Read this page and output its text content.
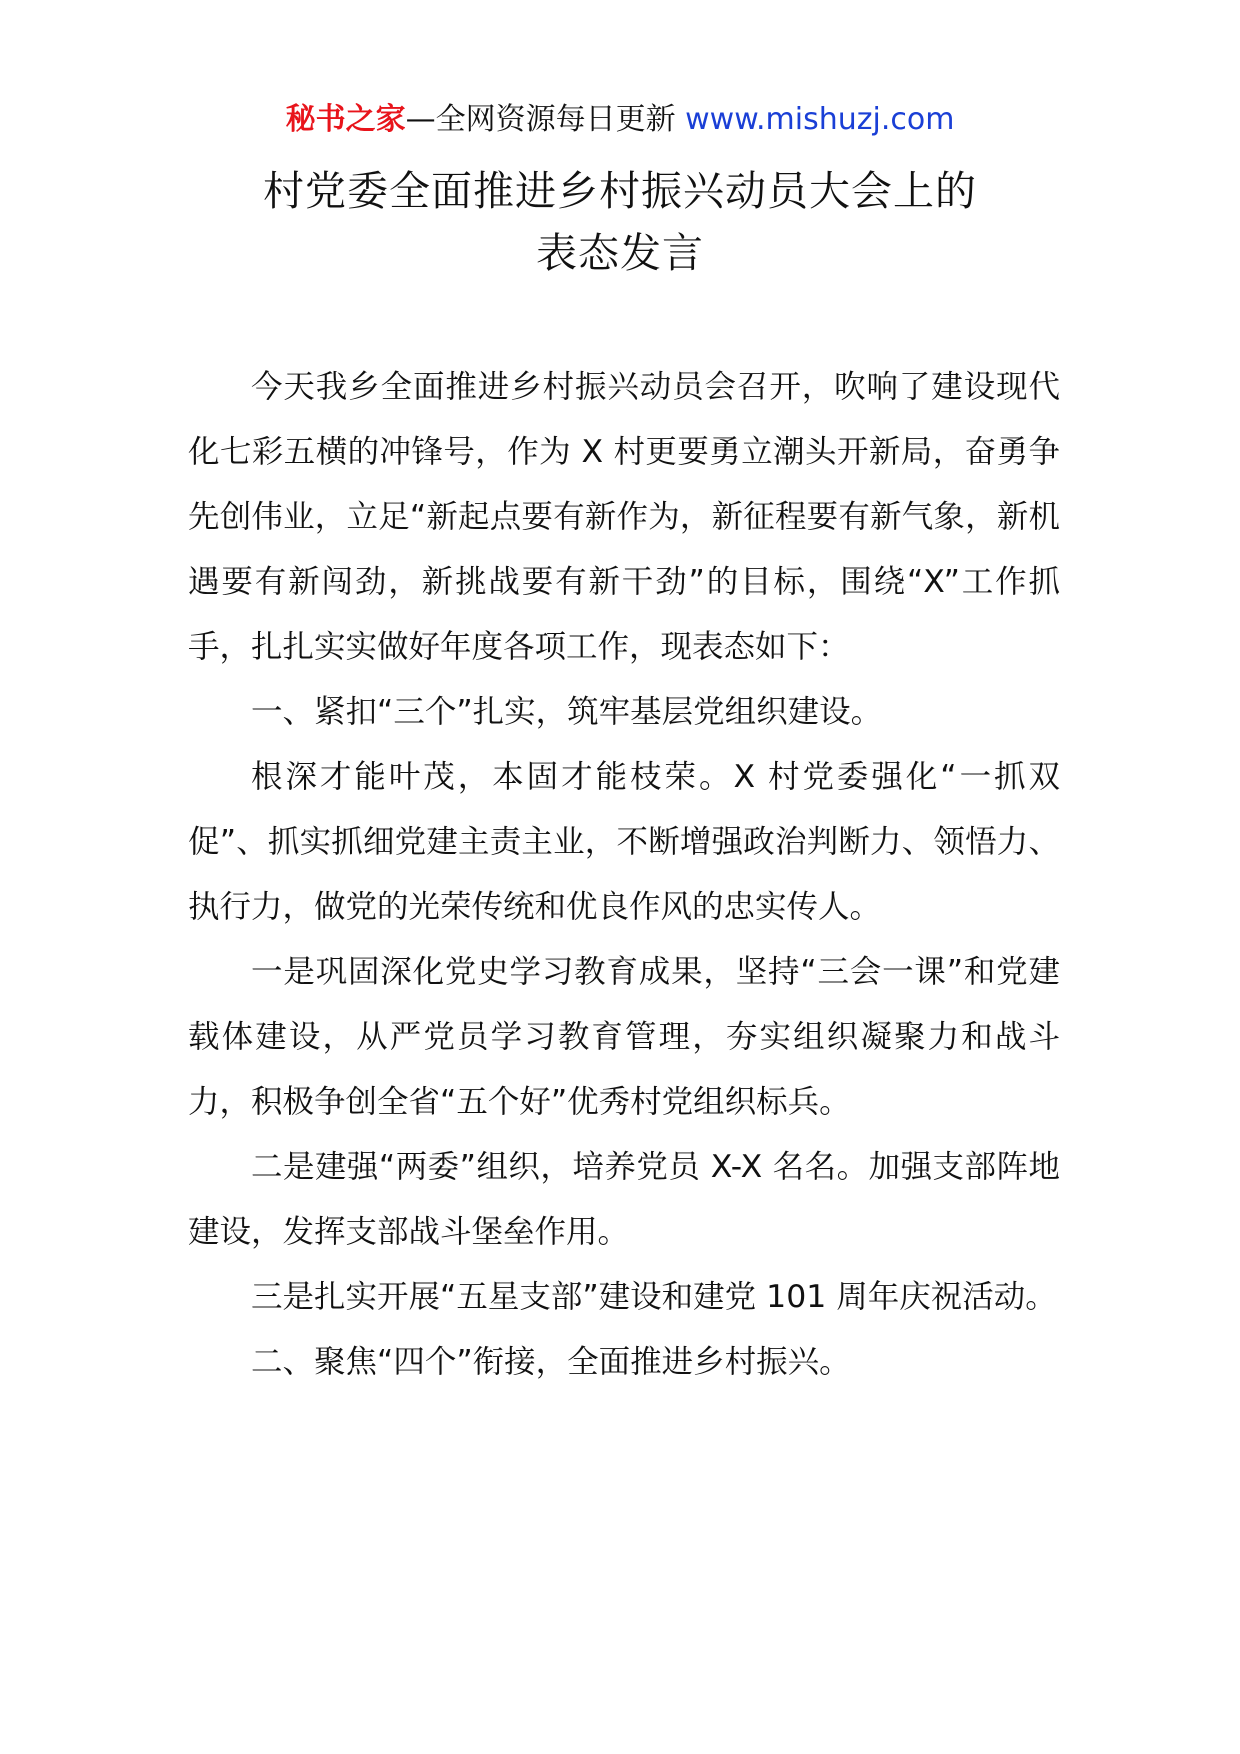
秘书之家—全网资源每日更新 www.mishuzj.com
村党委全面推进乡村振兴动员大会上的
表态发言

今天我乡全面推进乡村振兴动员会召开，吹响了建设现代化七彩五横的冲锋号，作为 X 村更要勇立潮头开新局，奋勇争先创伟业，立足“新起点要有新作为，新征程要有新气象，新机遇要有新闯劲，新挑战要有新干劲”的目标，围绕“X”工作抓手，扎扎实实做好年度各项工作，现表态如下：

一、紧扣“三个”扎实，筑牢基层党组织建设。

根深才能叶茂，本固才能枝荣。X 村党委强化“一抓双促”、抓实抓细党建主责主业，不断增强政治判断力、领悟力、执行力，做党的光荣传统和优良作风的忠实传人。

一是巩固深化党史学习教育成果，坚持“三会一课”和党建载体建设，从严党员学习教育管理，夯实组织凝聚力和战斗力，积极争创全省“五个好”优秀村党组织标兵。

二是建强“两委”组织，培养党员 X-X 名名。加强支部阵地建设，发挥支部战斗堡垒作用。

三是扎实开展“五星支部”建设和建党 101 周年庆祝活动。

二、聚焦“四个”衔接，全面推进乡村振兴。
